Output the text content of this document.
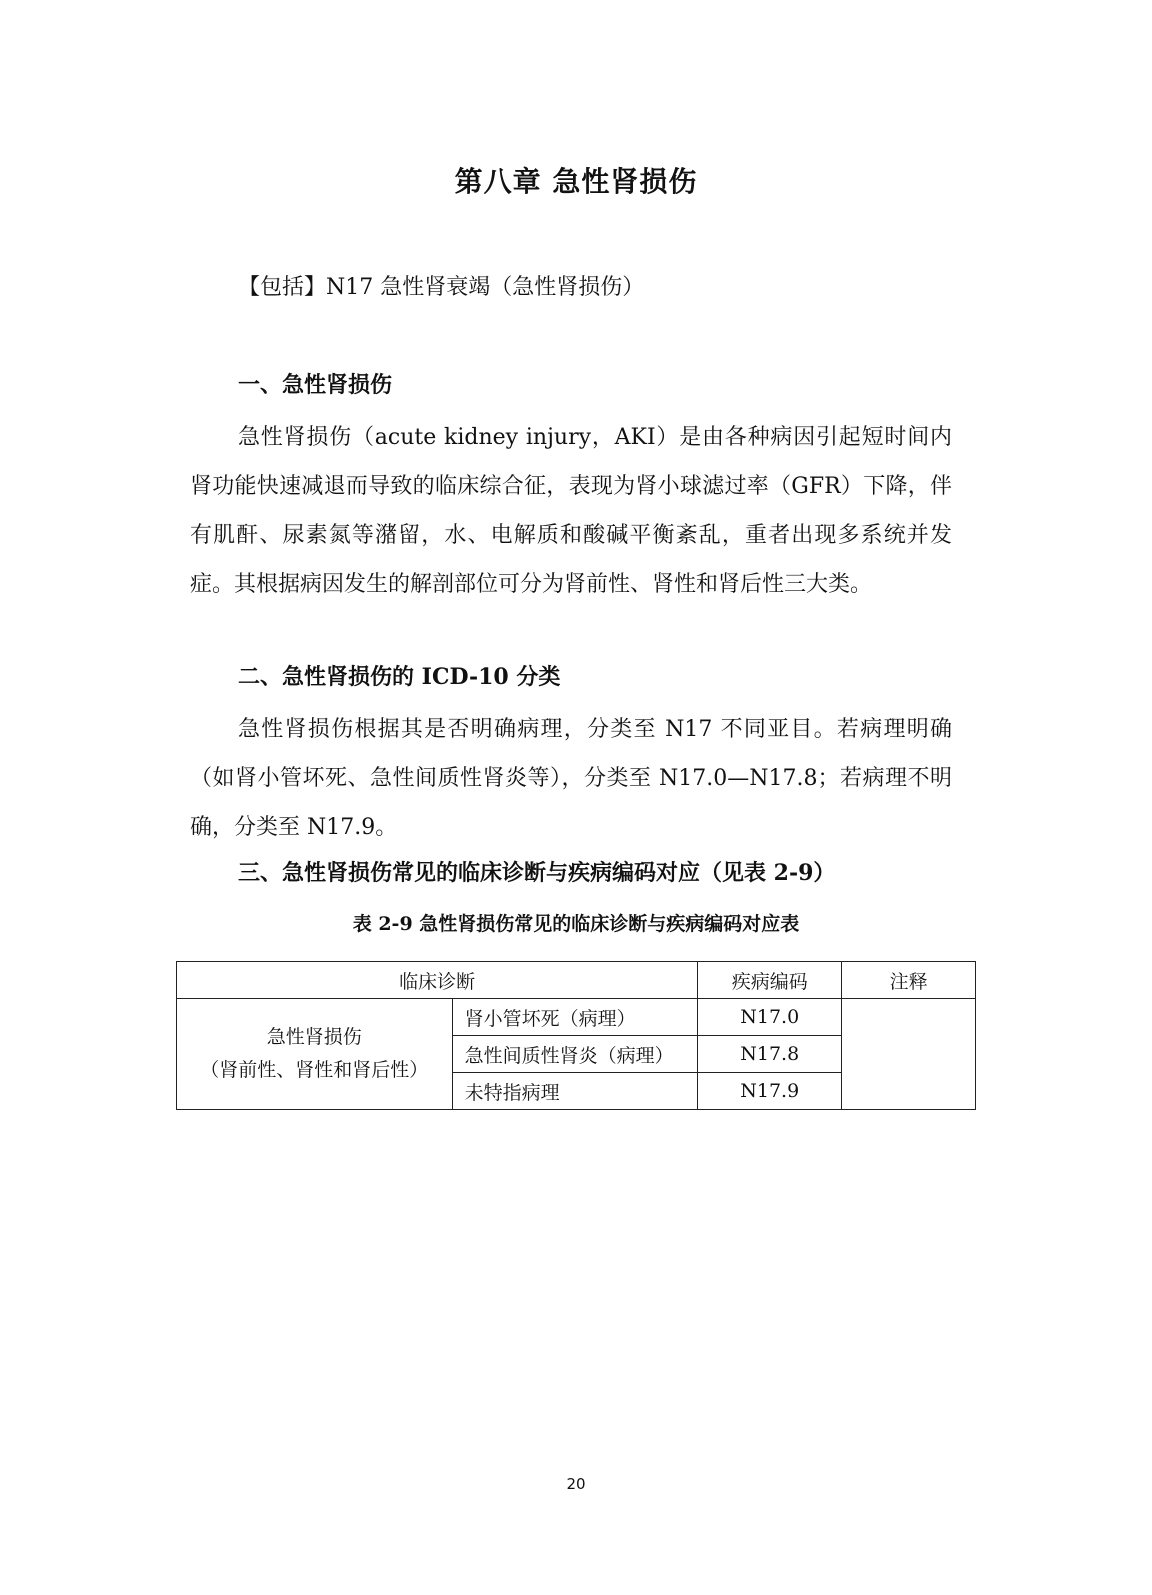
第八章 急性肾损伤
【包括】N17 急性肾衰竭（急性肾损伤）
一、急性肾损伤
急性肾损伤（acute kidney injury，AKI）是由各种病因引起短时间内肾功能快速减退而导致的临床综合征，表现为肾小球滤过率（GFR）下降，伴有肌酐、尿素氮等潴留，水、电解质和酸碱平衡紊乱，重者出现多系统并发症。其根据病因发生的解剖部位可分为肾前性、肾性和肾后性三大类。
二、急性肾损伤的 ICD-10 分类
急性肾损伤根据其是否明确病理，分类至 N17 不同亚目。若病理明确（如肾小管坏死、急性间质性肾炎等），分类至 N17.0—N17.8；若病理不明确，分类至 N17.9。
三、急性肾损伤常见的临床诊断与疾病编码对应（见表 2-9）
表 2-9 急性肾损伤常见的临床诊断与疾病编码对应表
临床诊断		疾病编码	注释

急性肾损伤
（肾前性、肾性和肾后性）	肾小管坏死（病理）	N17.0	
	急性间质性肾炎（病理）	N17.8	
	未特指病理	N17.9	
20
